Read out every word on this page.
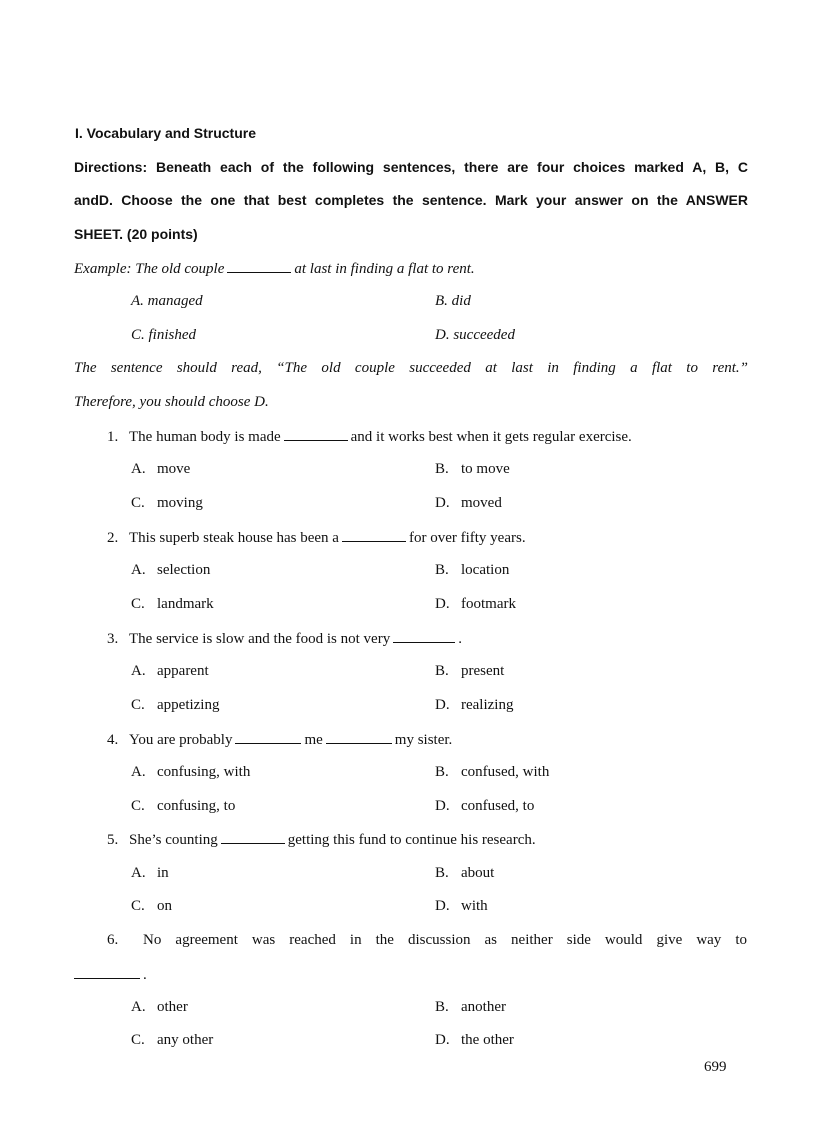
I. Vocabulary and Structure
Directions: Beneath each of the following sentences, there are four choices marked A, B, C
andD. Choose the one that best completes the sentence. Mark your answer on the ANSWER
SHEET. (20 points)
Example: The old couple	at last in finding a flat to rent.
A. managed	B. did
C. finished	D. succeeded
The sentence should read, “The old couple succeeded at last in finding a flat to rent.”
Therefore, you should choose D.
1. The human body is made	and it works best when it gets regular exercise.
A. move	B. to move
C. moving	D. moved
2. This superb steak house has been a	for over fifty years.
A. selection	B. location
C. landmark	D. footmark
3. The service is slow and the food is not very	.
A. apparent	B. present
C. appetizing	D. realizing
4. You are probably	me	my sister.
A. confusing, with	B. confused, with
C. confusing, to	D. confused, to
5. She’s counting	getting this fund to continue his research.
A. in	B. about
C. on	D. with
6. No agreement was reached in the discussion as neither side would give way to
.
A. other	B. another
C. any other	D. the other
699
